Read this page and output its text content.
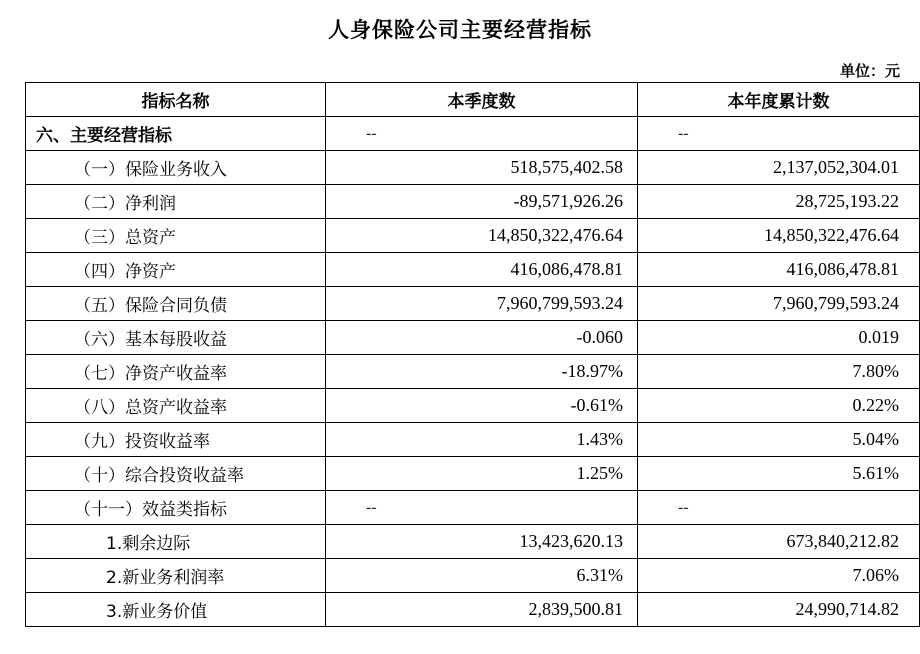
人身保险公司主要经营指标
单位：元
指标名称	本季度数	本年度累计数
六、主要经营指标	--	--
（一）保险业务收入	518,575,402.58	2,137,052,304.01
（二）净利润	-89,571,926.26	28,725,193.22
（三）总资产	14,850,322,476.64	14,850,322,476.64
（四）净资产	416,086,478.81	416,086,478.81
（五）保险合同负债	7,960,799,593.24	7,960,799,593.24
（六）基本每股收益	-0.060	0.019
（七）净资产收益率	-18.97%	7.80%
（八）总资产收益率	-0.61%	0.22%
（九）投资收益率	1.43%	5.04%
（十）综合投资收益率	1.25%	5.61%
（十一）效益类指标	--	--
1.剩余边际	13,423,620.13	673,840,212.82
2.新业务利润率	6.31%	7.06%
3.新业务价值	2,839,500.81	24,990,714.82
